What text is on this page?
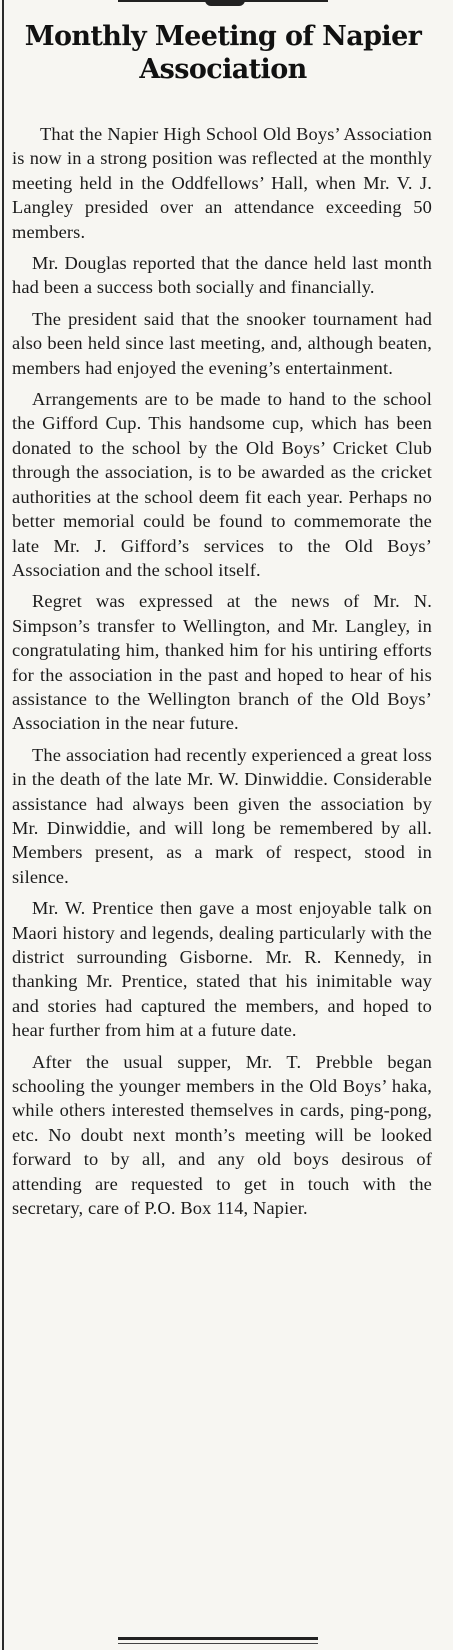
Monthly Meeting of Napier Association

That the Napier High School Old Boys’ Association is now in a strong position was reflected at the monthly meeting held in the Oddfellows’ Hall, when Mr. V. J. Langley presided over an attendance exceeding 50 members.

Mr. Douglas reported that the dance held last month had been a success both socially and financially.

The president said that the snooker tournament had also been held since last meeting, and, although beaten, members had enjoyed the evening’s entertainment.

Arrangements are to be made to hand to the school the Gifford Cup. This handsome cup, which has been donated to the school by the Old Boys’ Cricket Club through the association, is to be awarded as the cricket authorities at the school deem fit each year. Perhaps no better memorial could be found to commemorate the late Mr. J. Gifford’s services to the Old Boys’ Association and the school itself.

Regret was expressed at the news of Mr. N. Simpson’s transfer to Wellington, and Mr. Langley, in congratulating him, thanked him for his untiring efforts for the association in the past and hoped to hear of his assistance to the Wellington branch of the Old Boys’ Association in the near future.

The association had recently experienced a great loss in the death of the late Mr. W. Dinwiddie. Considerable assistance had always been given the association by Mr. Dinwiddie, and will long be remembered by all. Members present, as a mark of respect, stood in silence.

Mr. W. Prentice then gave a most enjoyable talk on Maori history and legends, dealing particularly with the district surrounding Gisborne. Mr. R. Kennedy, in thanking Mr. Prentice, stated that his inimitable way and stories had captured the members, and hoped to hear further from him at a future date.

After the usual supper, Mr. T. Prebble began schooling the younger members in the Old Boys’ haka, while others interested themselves in cards, ping-pong, etc. No doubt next month’s meeting will be looked forward to by all, and any old boys desirous of attending are requested to get in touch with the secretary, care of P.O. Box 114, Napier.
